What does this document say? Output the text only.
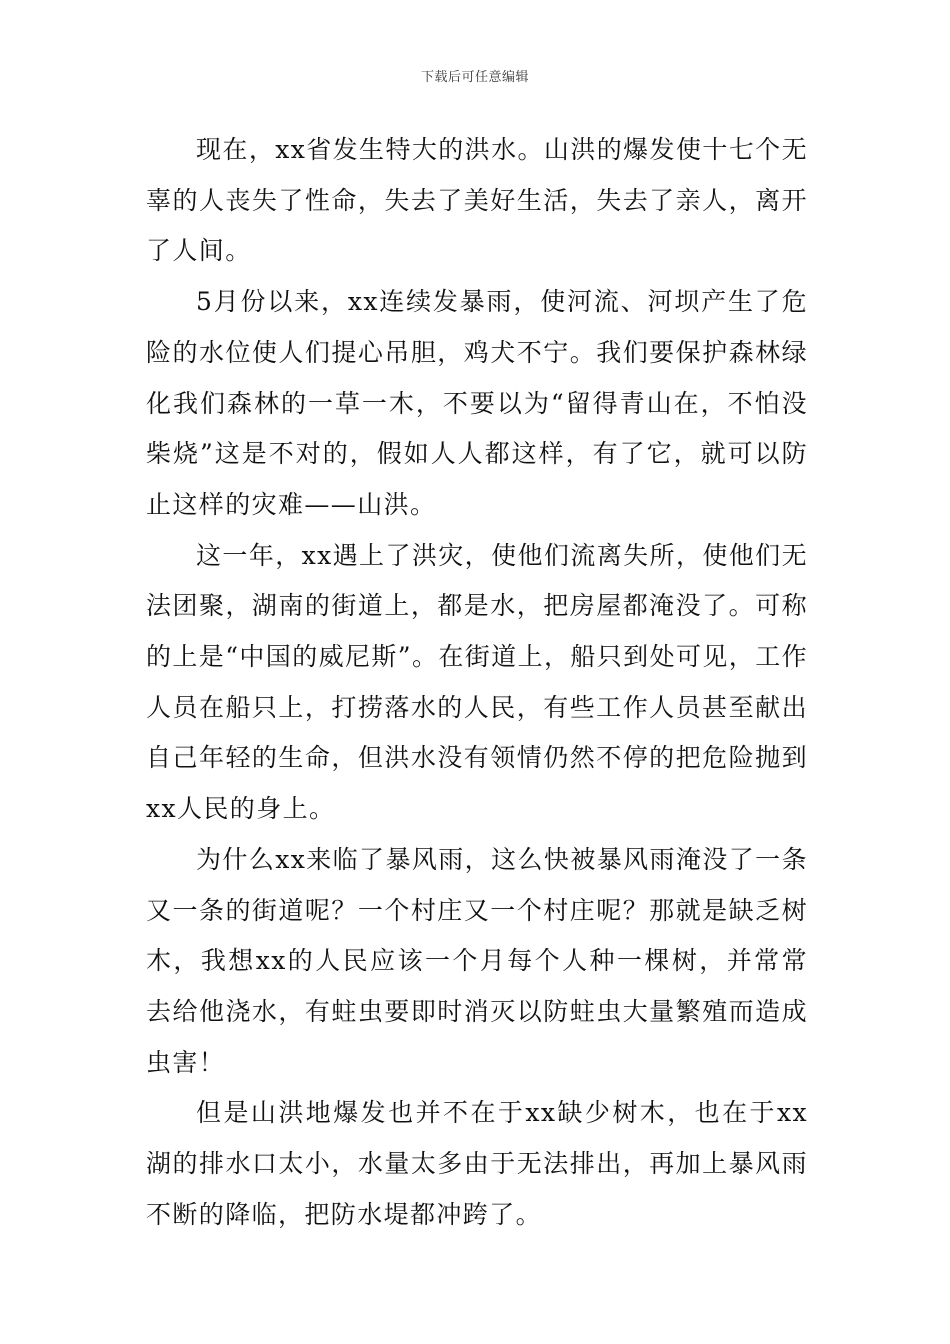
下载后可任意编辑

现在，xx省发生特大的洪水。山洪的爆发使十七个无辜的人丧失了性命，失去了美好生活，失去了亲人，离开了人间。

5月份以来，xx连续发暴雨，使河流、河坝产生了危险的水位使人们提心吊胆，鸡犬不宁。我们要保护森林绿化我们森林的一草一木，不要以为“留得青山在，不怕没柴烧”这是不对的，假如人人都这样，有了它，就可以防止这样的灾难——山洪。

这一年，xx遇上了洪灾，使他们流离失所，使他们无法团聚，湖南的街道上，都是水，把房屋都淹没了。可称的上是“中国的威尼斯”。在街道上，船只到处可见，工作人员在船只上，打捞落水的人民，有些工作人员甚至献出自己年轻的生命，但洪水没有领情仍然不停的把危险抛到xx人民的身上。

为什么xx来临了暴风雨，这么快被暴风雨淹没了一条又一条的街道呢？一个村庄又一个村庄呢？那就是缺乏树木，我想xx的人民应该一个月每个人种一棵树，并常常去给他浇水，有蛀虫要即时消灭以防蛀虫大量繁殖而造成虫害！

但是山洪地爆发也并不在于xx缺少树木，也在于xx湖的排水口太小，水量太多由于无法排出，再加上暴风雨不断的降临，把防水堤都冲跨了。
